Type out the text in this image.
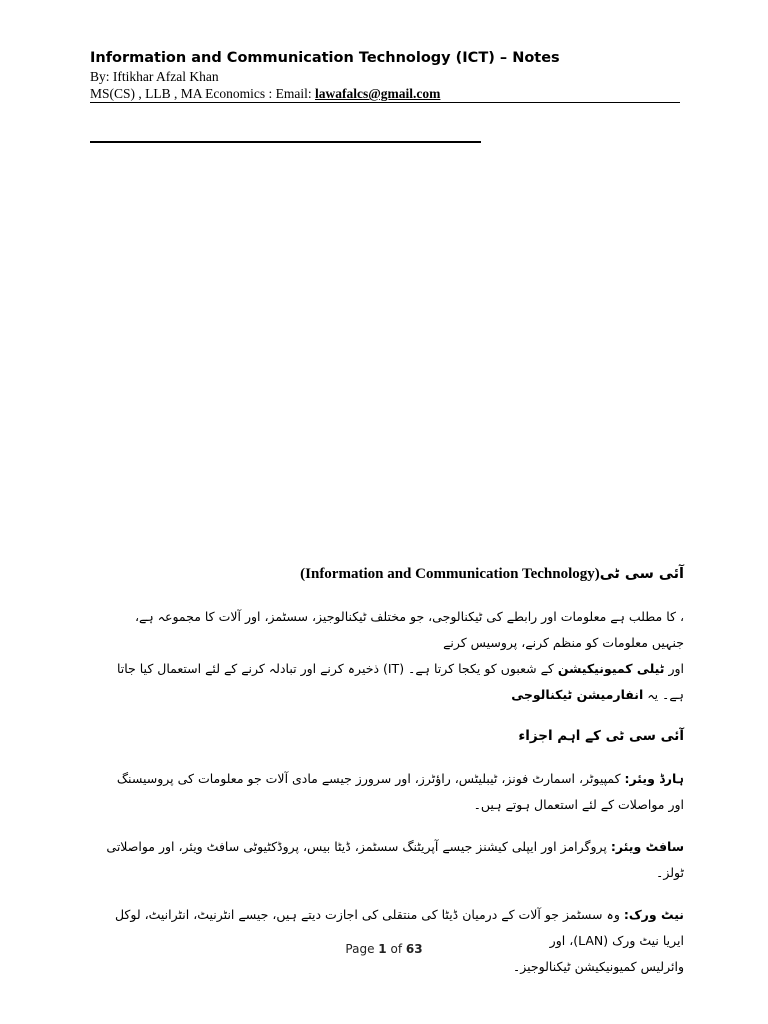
Information and Communication Technology (ICT) – Notes
By: Iftikhar Afzal Khan
MS(CS) , LLB , MA Economics : Email: lawafalcs@gmail.com
آئی سی ٹی(Information and Communication Technology)
، کا مطلب ہے معلومات اور رابطے کی ٹیکنالوجی، جو مختلف ٹیکنالوجیز، سسٹمز، اور آلات کا مجموعہ ہے، جنہیں معلومات کو منظم کرنے، پروسیس کرنے
اور ٹیلی کمیونیکیشن کے شعبوں کو یکجا کرتا ہے۔ (IT) ذخیرہ کرنے اور تبادلہ کرنے کے لئے استعمال کیا جاتا ہے۔ یہ انفارمیشن ٹیکنالوجی
آئی سی ٹی کے اہم اجزاء
ہارڈ ویئر: کمپیوٹر، اسمارٹ فونز، ٹیبلیٹس، راؤٹرز، اور سرورز جیسے مادی آلات جو معلومات کی پروسیسنگ اور مواصلات کے لئے استعمال ہوتے ہیں۔
سافٹ ویئر: پروگرامز اور ایپلی کیشنز جیسے آپریٹنگ سسٹمز، ڈیٹا بیس، پروڈکٹیوٹی سافٹ ویئر، اور مواصلاتی ٹولز۔
نیٹ ورک: وہ سسٹمز جو آلات کے درمیان ڈیٹا کی منتقلی کی اجازت دیتے ہیں، جیسے انٹرنیٹ، انٹرانیٹ، لوکل ایریا نیٹ ورک (LAN)، اور
وائرلیس کمیونیکیشن ٹیکنالوجیز۔
Page 1 of 63
